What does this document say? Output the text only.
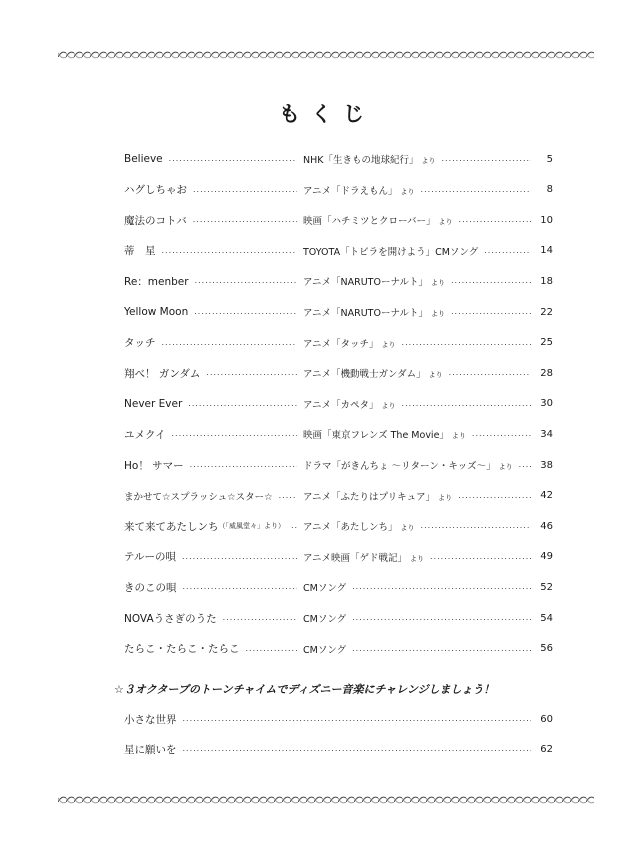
もくじ
Believe .....	NHK「生きもの地球紀行」 より .....	5
ハグしちゃお .....	アニメ「ドラえもん」 より .....	8
魔法のコトバ .....	映画「ハチミツとクローバー」 より .....	10
蒂　星 .....	TOYOTA「トビラを開けよう」CMソング .....	14
Re：menber .....	アニメ「NARUTOーナルト」 より .....	18
Yellow Moon .....	アニメ「NARUTOーナルト」 より .....	22
タッチ .....	アニメ「タッチ」 より .....	25
翔べ！ ガンダム .....	アニメ「機動戦士ガンダム」 より .....	28
Never Ever .....	アニメ「カペタ」 より .....	30
ユメクイ .....	映画「東京フレンズ The Movie」 より .....	34
Ho！ サマー .....	ドラマ「がきんちょ 〜リターン・キッズ〜」 より .....	38
まかせて☆スプラッシュ☆スター☆ .....	アニメ「ふたりはプリキュア」 より .....	42
来て来てあたしンち （「威風堂々」より） ..... アニメ「あたしンち」 より .....	46
テルーの唄 .....	アニメ映画「ゲド戦記」 より .....	49
きのこの唄 .....	CMソング .....	52
NOVAうさぎのうた .....	CMソング .....	54
たらこ・たらこ・たらこ .....	CMソング .....	56
☆３オクターブのトーンチャイムでディズニー音楽にチャレンジしましょう！
小さな世界 .....	60
星に願いを .....	62
